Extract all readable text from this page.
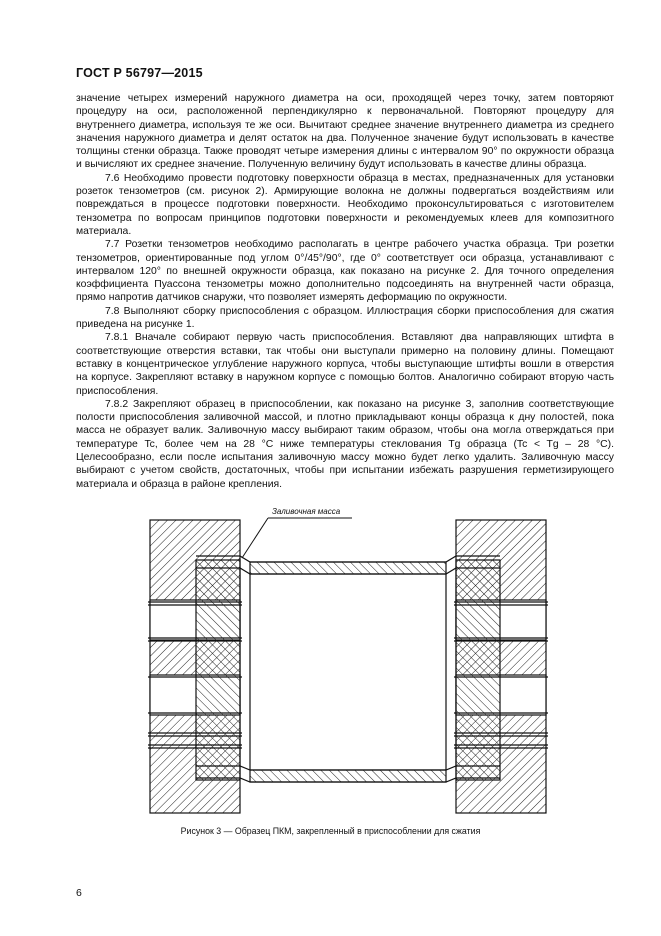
ГОСТ Р 56797—2015

значение четырех измерений наружного диаметра на оси, проходящей через точку, затем повторяют процедуру на оси, расположенной перпендикулярно к первоначальной. Повторяют процедуру для внутреннего диаметра, используя те же оси. Вычитают среднее значение внутреннего диаметра из среднего значения наружного диаметра и делят остаток на два. Полученное значение будут использовать в качестве толщины стенки образца. Также проводят четыре измерения длины с интервалом 90° по окружности образца и вычисляют их среднее значение. Полученную величину будут использовать в качестве длины образца.

7.6 Необходимо провести подготовку поверхности образца в местах, предназначенных для установки розеток тензометров (см. рисунок 2). Армирующие волокна не должны подвергаться воздействиям или повреждаться в процессе подготовки поверхности. Необходимо проконсультироваться с изготовителем тензометра по вопросам принципов подготовки поверхности и рекомендуемых клеев для композитного материала.

7.7 Розетки тензометров необходимо располагать в центре рабочего участка образца. Три розетки тензометров, ориентированные под углом 0°/45°/90°, где 0° соответствует оси образца, устанавливают с интервалом 120° по внешней окружности образца, как показано на рисунке 2. Для точного определения коэффициента Пуассона тензометры можно дополнительно подсоединять на внутренней части образца, прямо напротив датчиков снаружи, что позволяет измерять деформацию по окружности.

7.8 Выполняют сборку приспособления с образцом. Иллюстрация сборки приспособления для сжатия приведена на рисунке 1.

7.8.1 Вначале собирают первую часть приспособления. Вставляют два направляющих штифта в соответствующие отверстия вставки, так чтобы они выступали примерно на половину длины. Помещают вставку в концентрическое углубление наружного корпуса, чтобы выступающие штифты вошли в отверстия на корпусе. Закрепляют вставку в наружном корпусе с помощью болтов. Аналогично собирают вторую часть приспособления.

7.8.2 Закрепляют образец в приспособлении, как показано на рисунке 3, заполнив соответствующие полости приспособления заливочной массой, и плотно прикладывают концы образца к дну полостей, пока масса не образует валик. Заливочную массу выбирают таким образом, чтобы она могла отверждаться при температуре Tc, более чем на 28 °С ниже температуры стеклования Tg образца (Tc < Tg – 28 °С). Целесообразно, если после испытания заливочную массу можно будет легко удалить. Заливочную массу выбирают с учетом свойств, достаточных, чтобы при испытании избежать разрушения герметизирующего материала и образца в районе крепления.

Заливочная масса
Рисунок 3 — Образец ПКМ, закрепленный в приспособлении для сжатия
6
